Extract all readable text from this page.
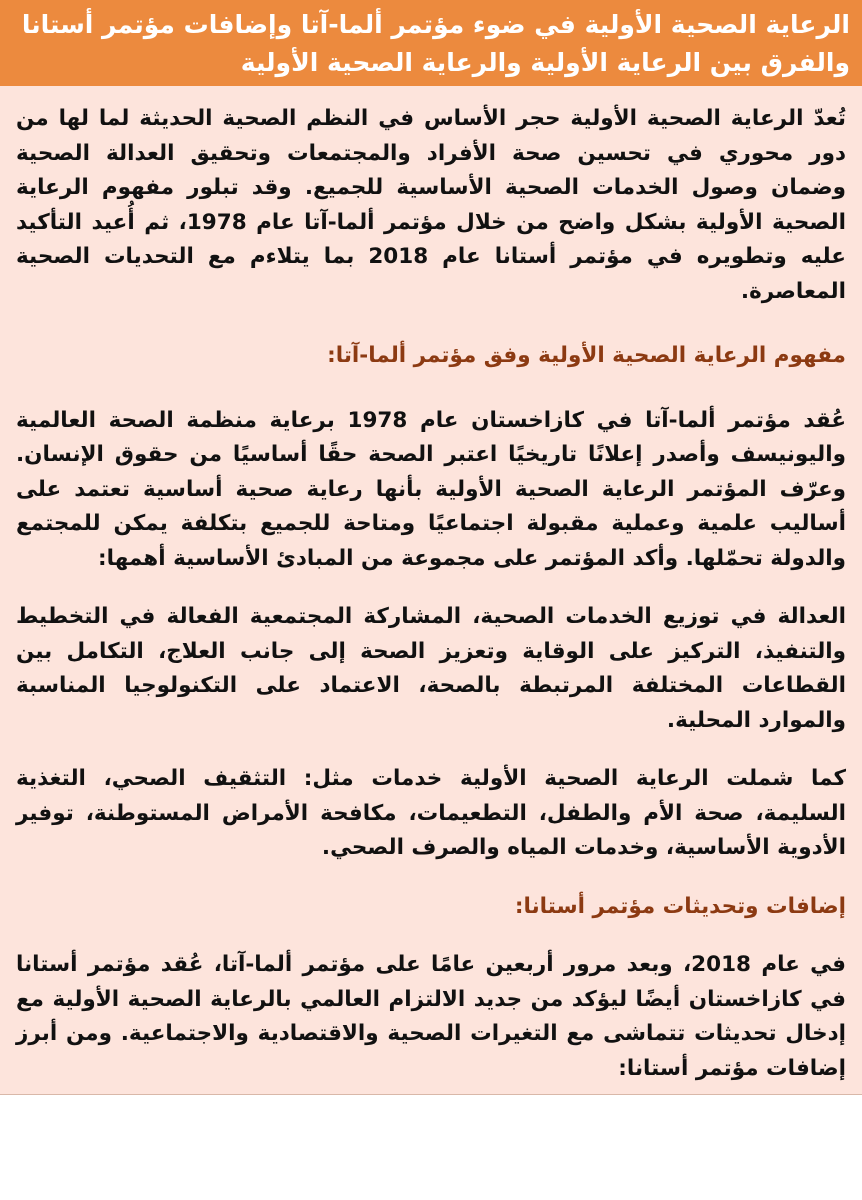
الرعاية الصحية الأولية في ضوء مؤتمر ألما-آتا وإضافات مؤتمر أستانا والفرق بين الرعاية الأولية والرعاية الصحية الأولية

تُعدّ الرعاية الصحية الأولية حجر الأساس في النظم الصحية الحديثة لما لها من دور محوري في تحسين صحة الأفراد والمجتمعات وتحقيق العدالة الصحية وضمان وصول الخدمات الصحية الأساسية للجميع. وقد تبلور مفهوم الرعاية الصحية الأولية بشكل واضح من خلال مؤتمر ألما-آتا عام 1978، ثم أُعيد التأكيد عليه وتطويره في مؤتمر أستانا عام 2018 بما يتلاءم مع التحديات الصحية المعاصرة.

مفهوم الرعاية الصحية الأولية وفق مؤتمر ألما-آتا:

عُقد مؤتمر ألما-آتا في كازاخستان عام 1978 برعاية منظمة الصحة العالمية واليونيسف وأصدر إعلانًا تاريخيًا اعتبر الصحة حقًا أساسيًا من حقوق الإنسان. وعرّف المؤتمر الرعاية الصحية الأولية بأنها رعاية صحية أساسية تعتمد على أساليب علمية وعملية مقبولة اجتماعيًا ومتاحة للجميع بتكلفة يمكن للمجتمع والدولة تحمّلها. وأكد المؤتمر على مجموعة من المبادئ الأساسية أهمها:

العدالة في توزيع الخدمات الصحية، المشاركة المجتمعية الفعالة في التخطيط والتنفيذ، التركيز على الوقاية وتعزيز الصحة إلى جانب العلاج، التكامل بين القطاعات المختلفة المرتبطة بالصحة، الاعتماد على التكنولوجيا المناسبة والموارد المحلية.

كما شملت الرعاية الصحية الأولية خدمات مثل: التثقيف الصحي، التغذية السليمة، صحة الأم والطفل، التطعيمات، مكافحة الأمراض المستوطنة، توفير الأدوية الأساسية، وخدمات المياه والصرف الصحي.

إضافات وتحديثات مؤتمر أستانا:

في عام 2018، وبعد مرور أربعين عامًا على مؤتمر ألما-آتا، عُقد مؤتمر أستانا في كازاخستان أيضًا ليؤكد من جديد الالتزام العالمي بالرعاية الصحية الأولية مع إدخال تحديثات تتماشى مع التغيرات الصحية والاقتصادية والاجتماعية. ومن أبرز إضافات مؤتمر أستانا:
